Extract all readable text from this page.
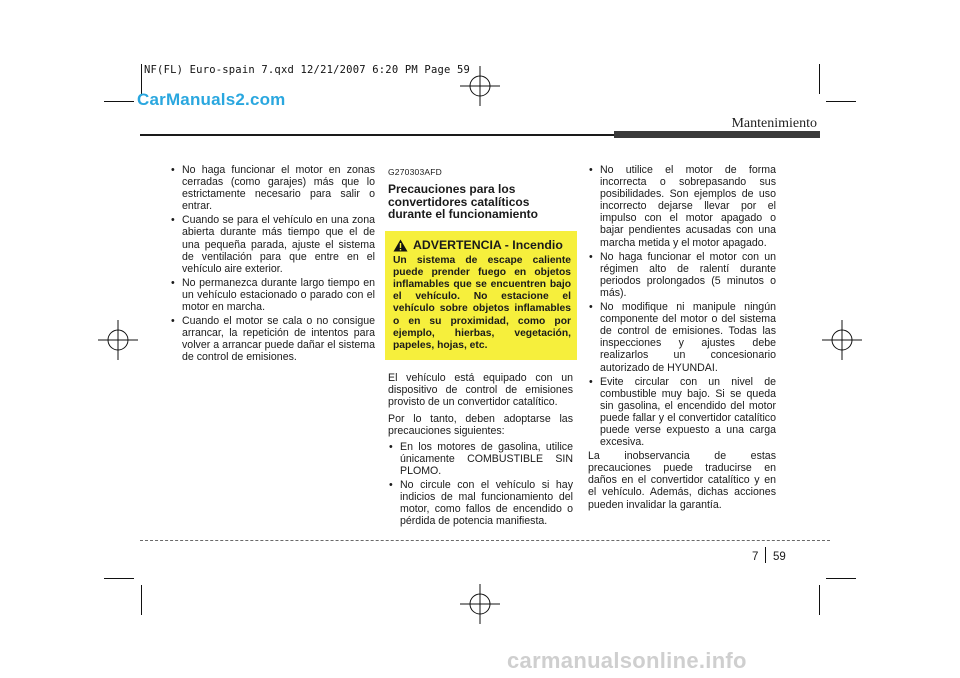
NF(FL) Euro-spain 7.qxd 12/21/2007 6:20 PM Page 59
CarManuals2.com
Mantenimiento
• No haga funcionar el motor en zonas cerradas (como garajes) más que lo estrictamente necesario para salir o entrar.
• Cuando se para el vehículo en una zona abierta durante más tiempo que el de una pequeña parada, ajuste el sistema de ventilación para que entre en el vehículo aire exterior.
• No permanezca durante largo tiempo en un vehículo estacionado o parado con el motor en marcha.
• Cuando el motor se cala o no consigue arrancar, la repetición de intentos para volver a arrancar puede dañar el sistema de control de emisiones.
G270303AFD
Precauciones para los convertidores catalíticos durante el funcionamiento
ADVERTENCIA - Incendio
Un sistema de escape caliente puede prender fuego en objetos inflamables que se encuentren bajo el vehículo. No estacione el vehículo sobre objetos inflamables o en su proximidad, como por ejemplo, hierbas, vegetación, papeles, hojas, etc.

El vehículo está equipado con un dispositivo de control de emisiones provisto de un convertidor catalítico.

Por lo tanto, deben adoptarse las precauciones siguientes:

• En los motores de gasolina, utilice únicamente COMBUSTIBLE SIN PLOMO.
• No circule con el vehículo si hay indicios de mal funcionamiento del motor, como fallos de encendido o pérdida de potencia manifiesta.
• No utilice el motor de forma incorrecta o sobrepasando sus posibilidades. Son ejemplos de uso incorrecto dejarse llevar por el impulso con el motor apagado o bajar pendientes acusadas con una marcha metida y el motor apagado.
• No haga funcionar el motor con un régimen alto de ralentí durante periodos prolongados (5 minutos o más).
• No modifique ni manipule ningún componente del motor o del sistema de control de emisiones. Todas las inspecciones y ajustes debe realizarlos un concesionario autorizado de HYUNDAI.
• Evite circular con un nivel de combustible muy bajo. Si se queda sin gasolina, el encendido del motor puede fallar y el convertidor catalítico puede verse expuesto a una carga excesiva.

La inobservancia de estas precauciones puede traducirse en daños en el convertidor catalítico y en el vehículo. Además, dichas acciones pueden invalidar la garantía.

7 59
carmanualsonline.info
